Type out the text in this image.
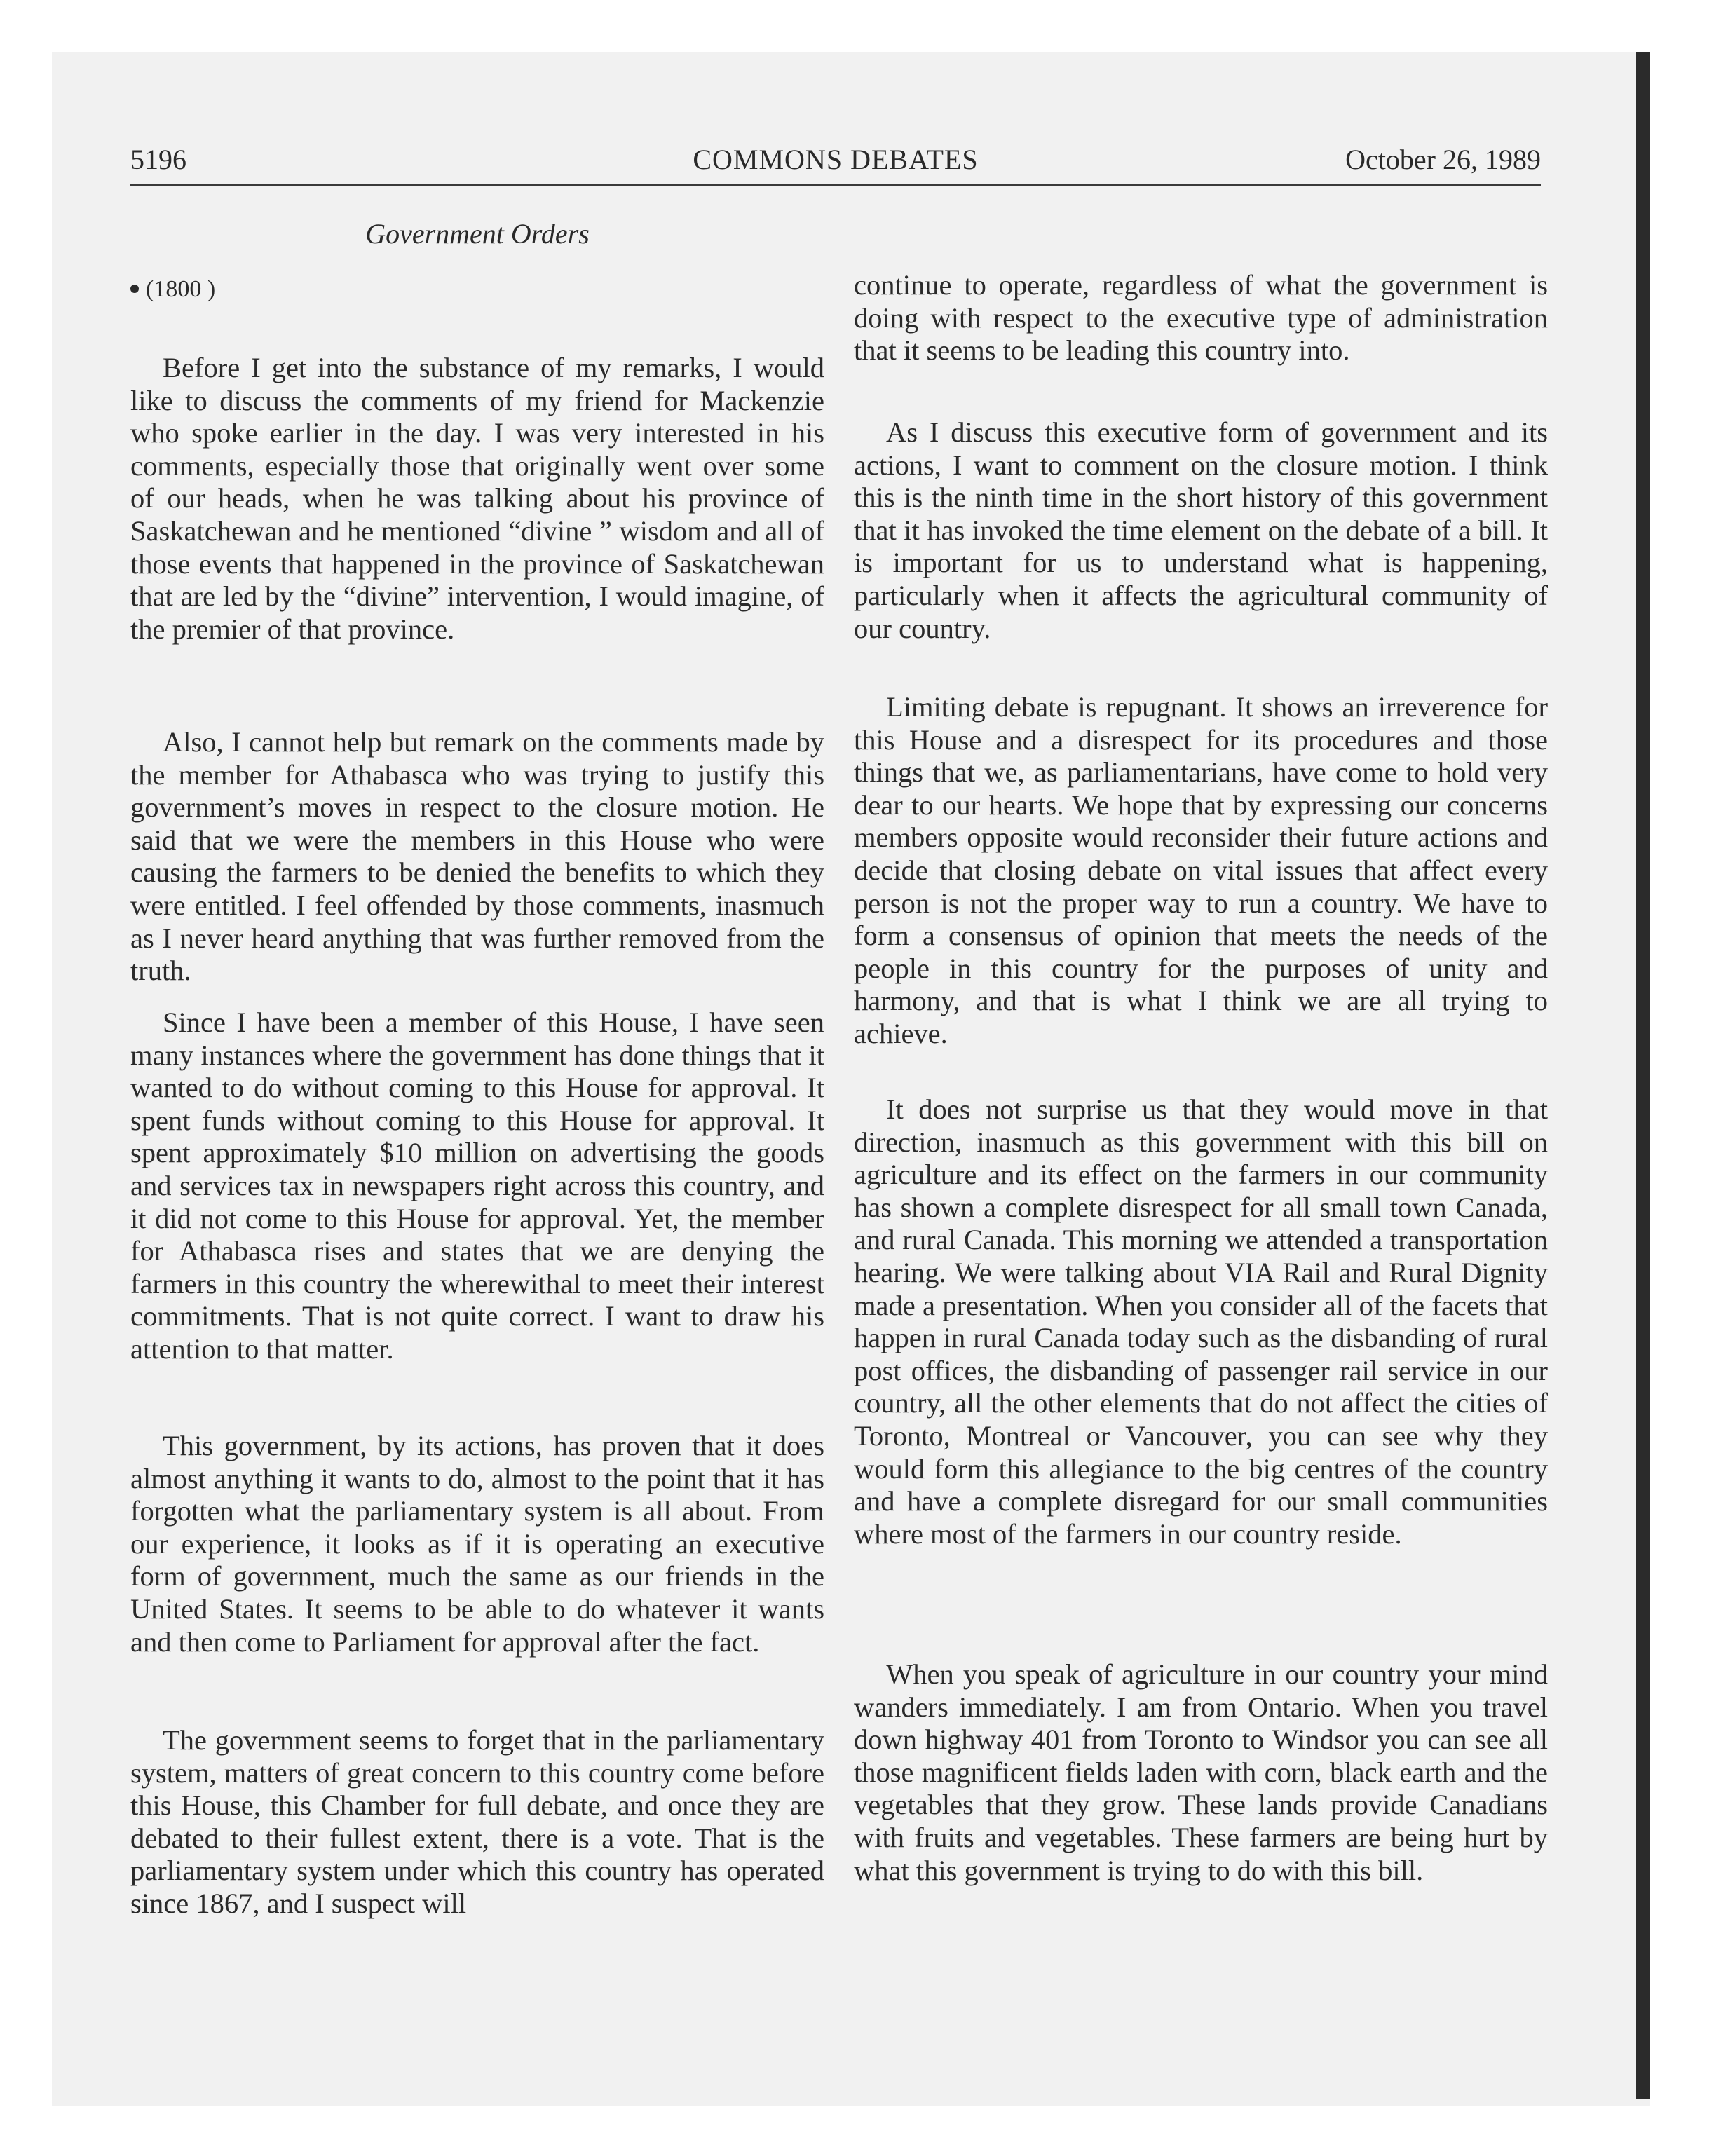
5196	COMMONS DEBATES	October 26, 1989
Government Orders
(1800 )

Before I get into the substance of my remarks, I would like to discuss the comments of my friend for Mackenzie who spoke earlier in the day. I was very interested in his comments, especially those that originally went over some of our heads, when he was talking about his province of Saskatchewan and he mentioned “divine ” wisdom and all of those events that happened in the province of Saskatchewan that are led by the “divine” intervention, I would imagine, of the premier of that province.

Also, I cannot help but remark on the comments made by the member for Athabasca who was trying to justify this government’s moves in respect to the closure motion. He said that we were the members in this House who were causing the farmers to be denied the benefits to which they were entitled. I feel offended by those comments, inasmuch as I never heard anything that was further removed from the truth.

Since I have been a member of this House, I have seen many instances where the government has done things that it wanted to do without coming to this House for approval. It spent funds without coming to this House for approval. It spent approximately $10 million on advertising the goods and services tax in newspapers right across this country, and it did not come to this House for approval. Yet, the member for Athabasca rises and states that we are denying the farmers in this country the wherewithal to meet their interest commitments. That is not quite correct. I want to draw his attention to that matter.

This government, by its actions, has proven that it does almost anything it wants to do, almost to the point that it has forgotten what the parliamentary system is all about. From our experience, it looks as if it is operating an executive form of government, much the same as our friends in the United States. It seems to be able to do whatever it wants and then come to Parliament for approval after the fact.

The government seems to forget that in the parliamentary system, matters of great concern to this country come before this House, this Chamber for full debate, and once they are debated to their fullest extent, there is a vote. That is the parliamentary system under which this country has operated since 1867, and I suspect will

continue to operate, regardless of what the government is doing with respect to the executive type of administration that it seems to be leading this country into.

As I discuss this executive form of government and its actions, I want to comment on the closure motion. I think this is the ninth time in the short history of this government that it has invoked the time element on the debate of a bill. It is important for us to understand what is happening, particularly when it affects the agricultural community of our country.

Limiting debate is repugnant. It shows an irreverence for this House and a disrespect for its procedures and those things that we, as parliamentarians, have come to hold very dear to our hearts. We hope that by expressing our concerns members opposite would reconsider their future actions and decide that closing debate on vital issues that affect every person is not the proper way to run a country. We have to form a consensus of opinion that meets the needs of the people in this country for the purposes of unity and harmony, and that is what I think we are all trying to achieve.

It does not surprise us that they would move in that direction, inasmuch as this government with this bill on agriculture and its effect on the farmers in our community has shown a complete disrespect for all small town Canada, and rural Canada. This morning we attended a transportation hearing. We were talking about VIA Rail and Rural Dignity made a presentation. When you consider all of the facets that happen in rural Canada today such as the disbanding of rural post offices, the disbanding of passenger rail service in our country, all the other elements that do not affect the cities of Toronto, Montreal or Vancouver, you can see why they would form this allegiance to the big centres of the country and have a complete disregard for our small communities where most of the farmers in our country reside.

When you speak of agriculture in our country your mind wanders immediately. I am from Ontario. When you travel down highway 401 from Toronto to Windsor you can see all those magnificent fields laden with corn, black earth and the vegetables that they grow. These lands provide Canadians with fruits and vegetables. These farmers are being hurt by what this government is trying to do with this bill.
